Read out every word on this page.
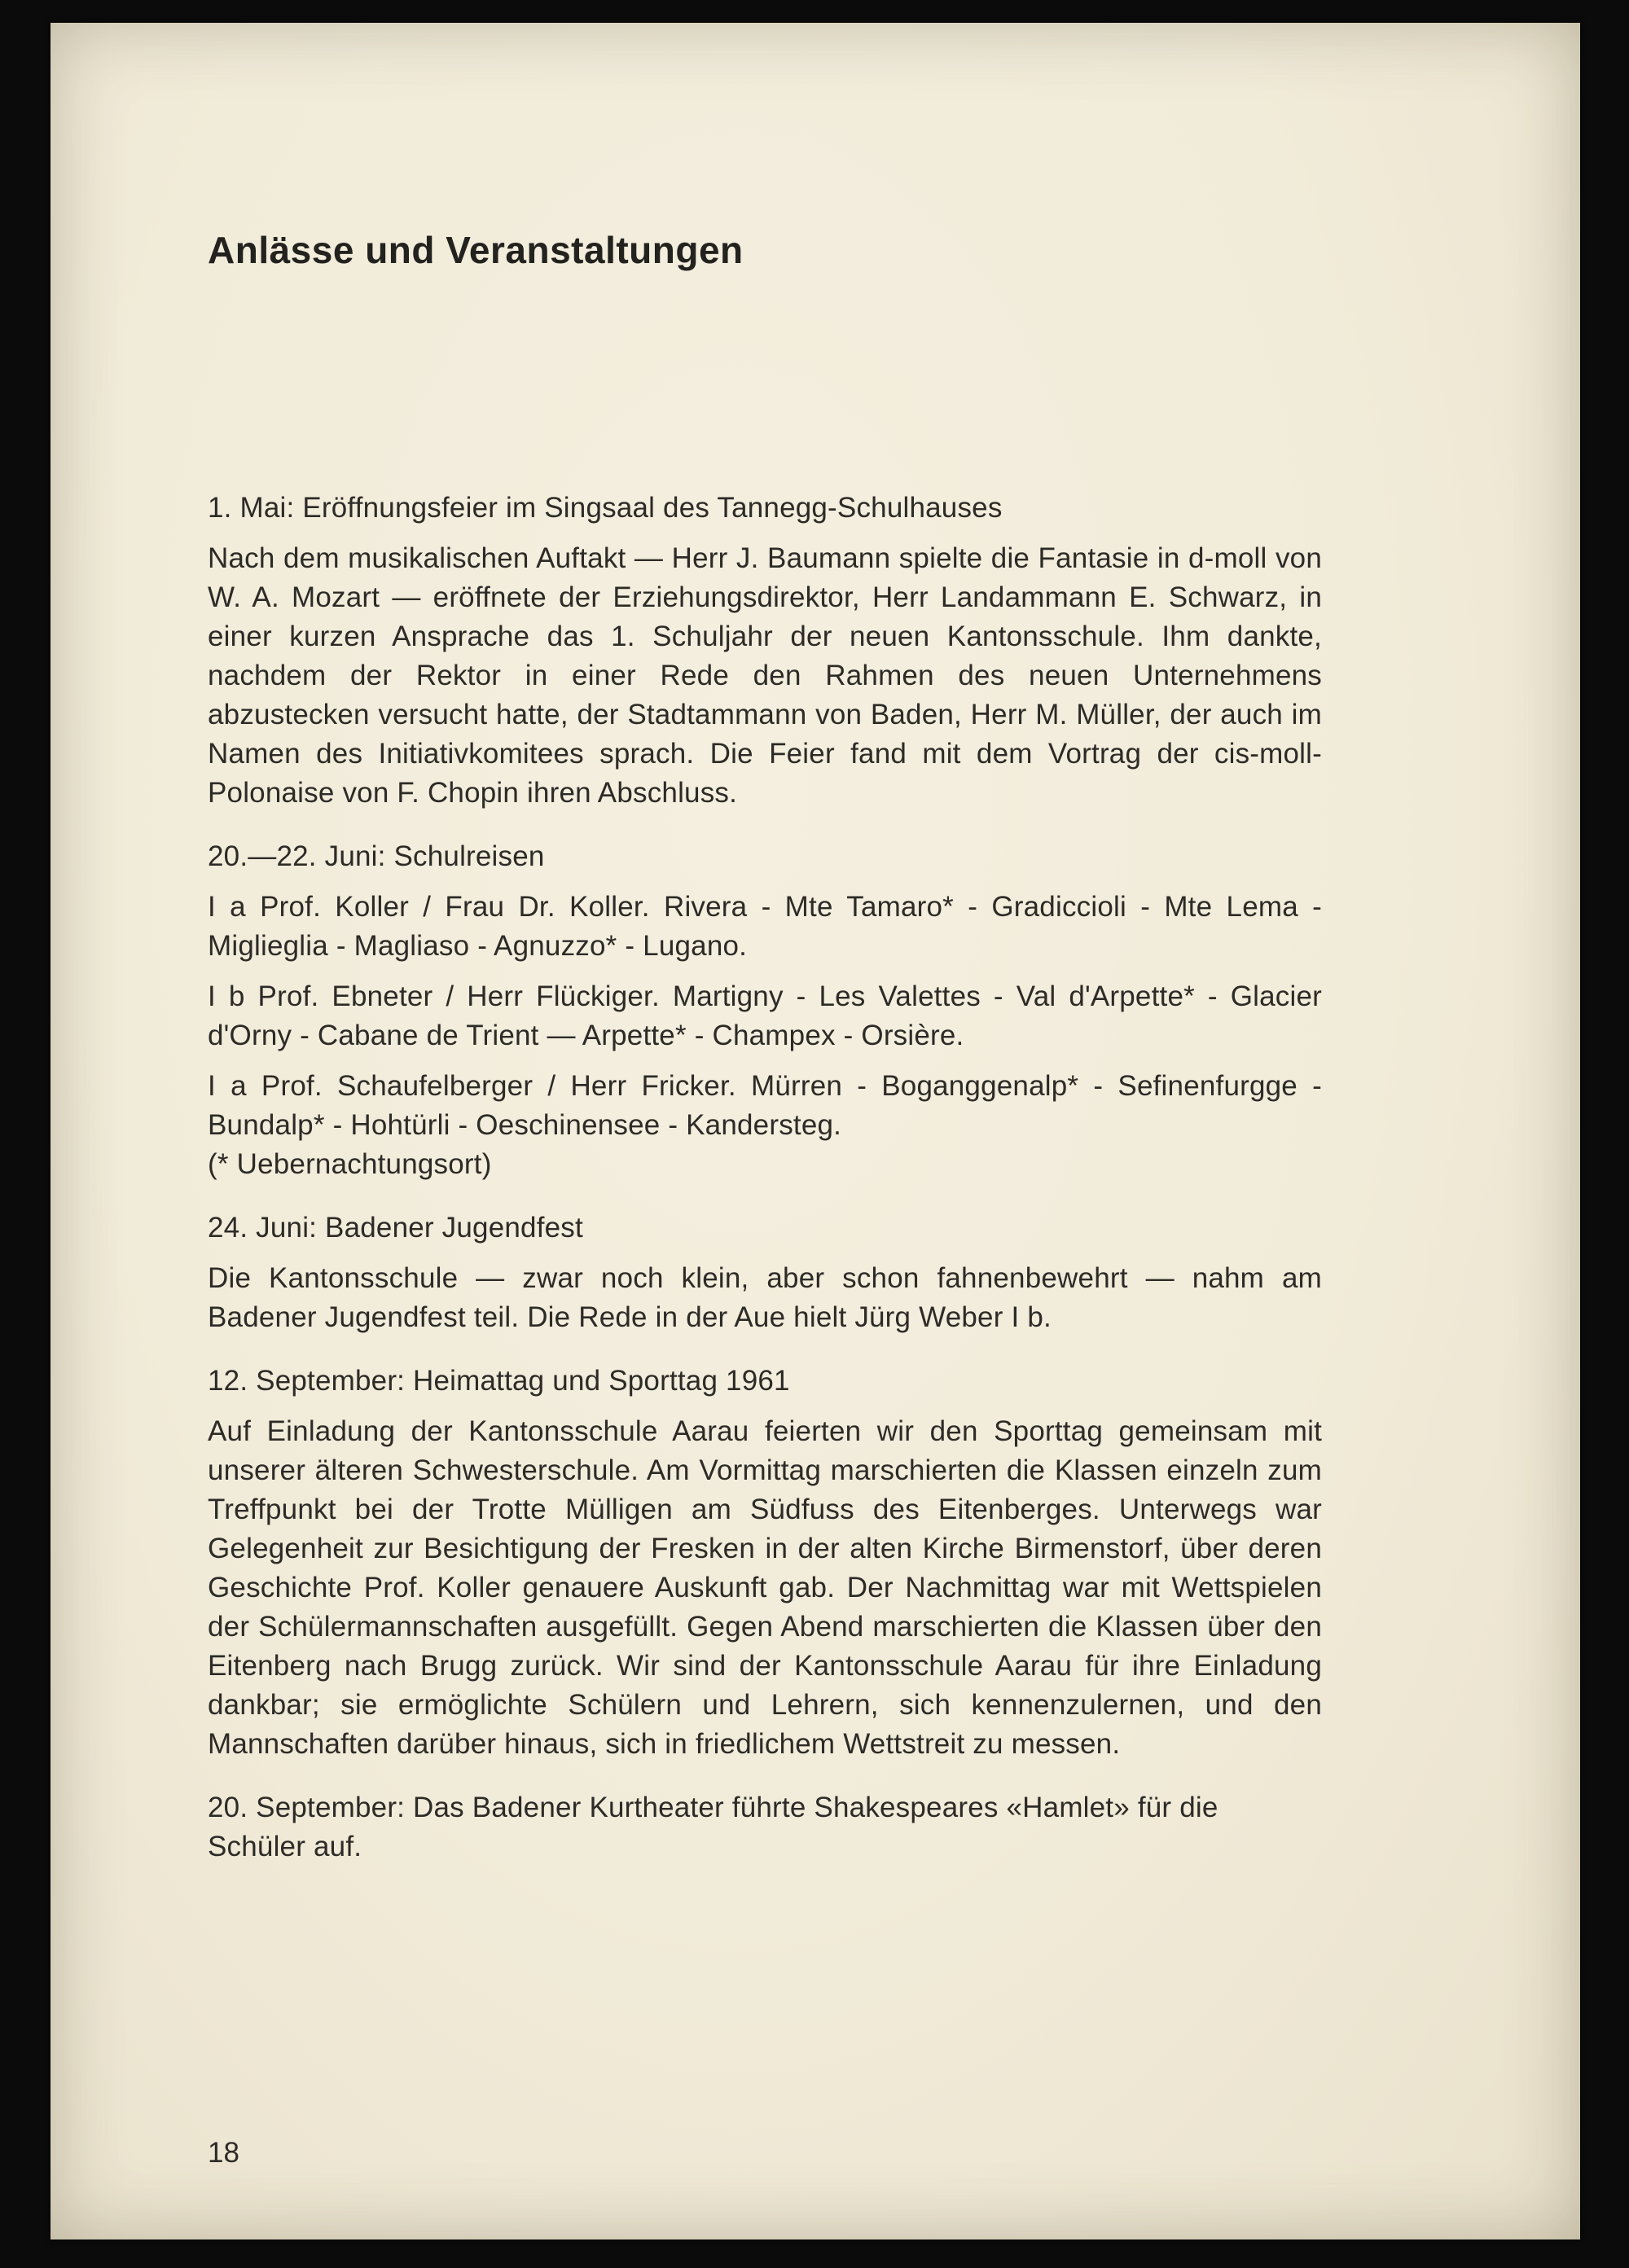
Anlässe und Veranstaltungen

1. Mai: Eröffnungsfeier im Singsaal des Tannegg-Schulhauses

Nach dem musikalischen Auftakt — Herr J. Baumann spielte die Fantasie in d-moll von W. A. Mozart — eröffnete der Erziehungsdirektor, Herr Landammann E. Schwarz, in einer kurzen Ansprache das 1. Schuljahr der neuen Kantonsschule. Ihm dankte, nachdem der Rektor in einer Rede den Rahmen des neuen Unternehmens abzustecken versucht hatte, der Stadtammann von Baden, Herr M. Müller, der auch im Namen des Initiativkomitees sprach. Die Feier fand mit dem Vortrag der cis-moll-Polonaise von F. Chopin ihren Abschluss.

20.—22. Juni: Schulreisen

I a Prof. Koller / Frau Dr. Koller. Rivera - Mte Tamaro* - Gradiccioli - Mte Lema - Miglieglia - Magliaso - Agnuzzo* - Lugano.

I b Prof. Ebneter / Herr Flückiger. Martigny - Les Valettes - Val d'Arpette* - Glacier d'Orny - Cabane de Trient — Arpette* - Champex - Orsière.

I a Prof. Schaufelberger / Herr Fricker. Mürren - Boganggenalp* - Sefinenfurgge - Bundalp* - Hohtürli - Oeschinensee - Kandersteg.

(* Uebernachtungsort)

24. Juni: Badener Jugendfest

Die Kantonsschule — zwar noch klein, aber schon fahnenbewehrt — nahm am Badener Jugendfest teil. Die Rede in der Aue hielt Jürg Weber I b.

12. September: Heimattag und Sporttag 1961

Auf Einladung der Kantonsschule Aarau feierten wir den Sporttag gemeinsam mit unserer älteren Schwesterschule. Am Vormittag marschierten die Klassen einzeln zum Treffpunkt bei der Trotte Mülligen am Südfuss des Eitenberges. Unterwegs war Gelegenheit zur Besichtigung der Fresken in der alten Kirche Birmenstorf, über deren Geschichte Prof. Koller genauere Auskunft gab. Der Nachmittag war mit Wettspielen der Schülermannschaften ausgefüllt. Gegen Abend marschierten die Klassen über den Eitenberg nach Brugg zurück. Wir sind der Kantonsschule Aarau für ihre Einladung dankbar; sie ermöglichte Schülern und Lehrern, sich kennenzulernen, und den Mannschaften darüber hinaus, sich in friedlichem Wettstreit zu messen.

20. September: Das Badener Kurtheater führte Shakespeares «Hamlet» für die Schüler auf.

18
